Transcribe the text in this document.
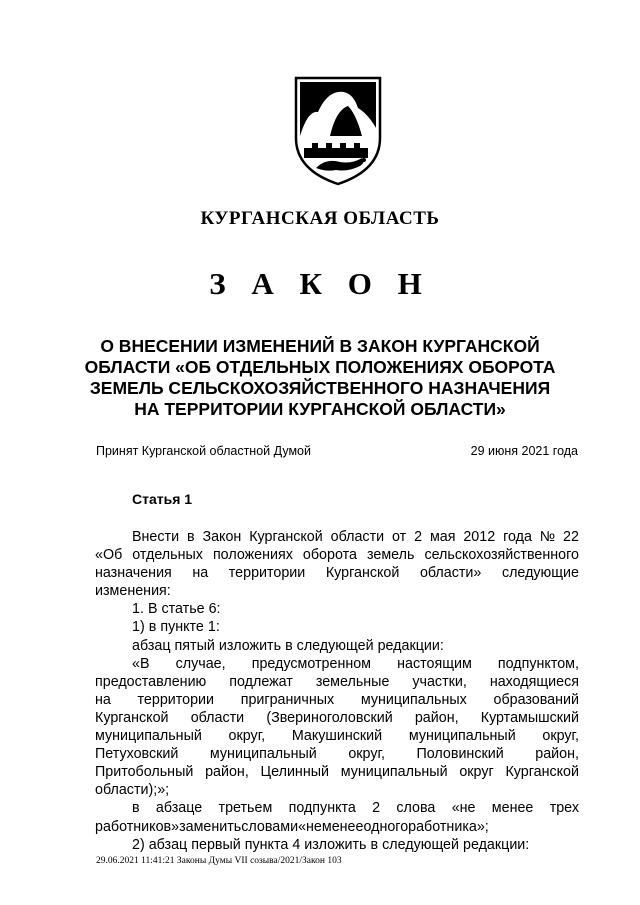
КУРГАНСКАЯ ОБЛАСТЬ
З А К О Н
О ВНЕСЕНИИ ИЗМЕНЕНИЙ В ЗАКОН КУРГАНСКОЙ
ОБЛАСТИ «ОБ ОТДЕЛЬНЫХ ПОЛОЖЕНИЯХ ОБОРОТА
ЗЕМЕЛЬ СЕЛЬСКОХОЗЯЙСТВЕННОГО НАЗНАЧЕНИЯ
НА ТЕРРИТОРИИ КУРГАНСКОЙ ОБЛАСТИ»
Принят Курганской областной Думой	29 июня 2021 года
Статья 1
Внести в Закон Курганской области от 2 мая 2012 года № 22
«Об отдельных положениях оборота земель сельскохозяйственного
назначения на территории Курганской области» следующие
изменения:
1. В статье 6:
1) в пункте 1:
абзац пятый изложить в следующей редакции:
«В случае, предусмотренном настоящим подпунктом,
предоставлению подлежат земельные участки, находящиеся
на территории приграничных муниципальных образований
Курганской области (Звериноголовский район, Куртамышский
муниципальный округ, Макушинский муниципальный округ,
Петуховский муниципальный округ, Половинский район,
Притобольный район, Целинный муниципальный округ Курганской
области);»;
в абзаце третьем подпункта 2 слова «не менее трех
работников» заменить словами «не менее одного работника»;
2) абзац первый пункта 4 изложить в следующей редакции:
29.06.2021 11:41:21 Законы Думы VII созыва/2021/Закон 103
